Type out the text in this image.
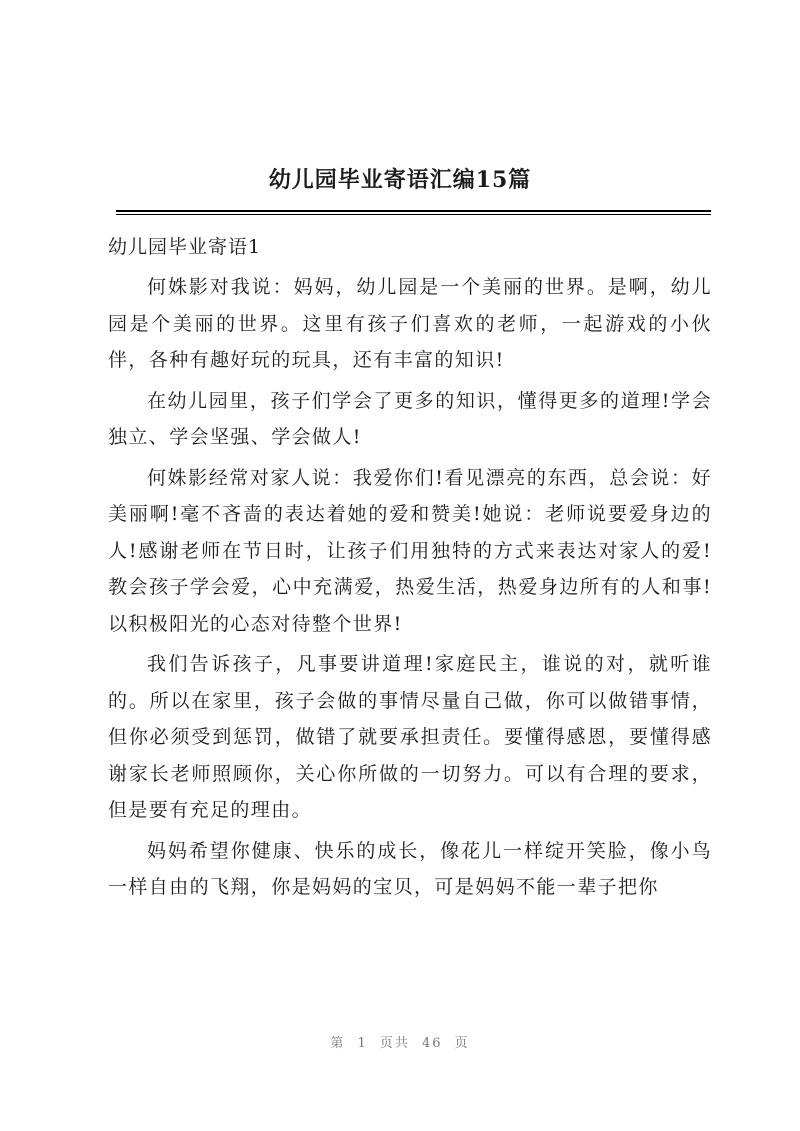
幼儿园毕业寄语汇编15篇
幼儿园毕业寄语1

何姝影对我说：妈妈，幼儿园是一个美丽的世界。是啊，幼儿园是个美丽的世界。这里有孩子们喜欢的老师，一起游戏的小伙伴，各种有趣好玩的玩具，还有丰富的知识!

在幼儿园里，孩子们学会了更多的知识，懂得更多的道理!学会独立、学会坚强、学会做人!

何姝影经常对家人说：我爱你们!看见漂亮的东西，总会说：好美丽啊!毫不吝啬的表达着她的爱和赞美!她说：老师说要爱身边的人!感谢老师在节日时，让孩子们用独特的方式来表达对家人的爱!教会孩子学会爱，心中充满爱，热爱生活，热爱身边所有的人和事!以积极阳光的心态对待整个世界!

我们告诉孩子，凡事要讲道理!家庭民主，谁说的对，就听谁的。所以在家里，孩子会做的事情尽量自己做，你可以做错事情，但你必须受到惩罚，做错了就要承担责任。要懂得感恩，要懂得感谢家长老师照顾你，关心你所做的一切努力。可以有合理的要求，但是要有充足的理由。

妈妈希望你健康、快乐的成长，像花儿一样绽开笑脸，像小鸟一样自由的飞翔，你是妈妈的宝贝，可是妈妈不能一辈子把你

第 1 页共 46 页
